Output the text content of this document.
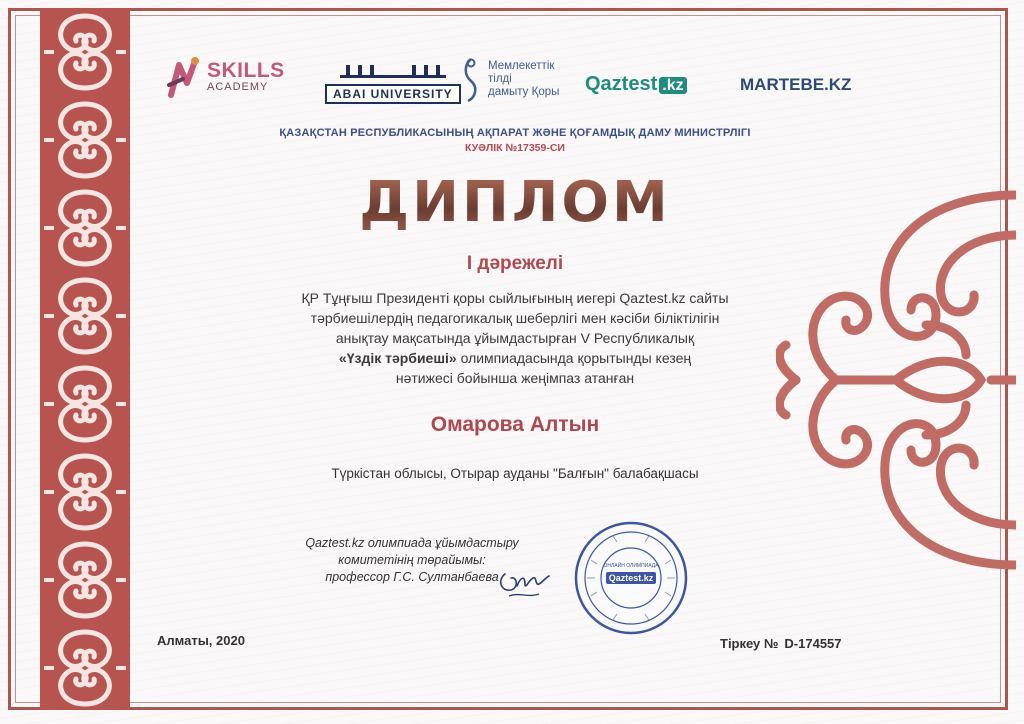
SKILLS
ACADEMY	ABAI UNIVERSITY
Мемлекеттік
тілді
дамыту Қоры Qaztest .kz	MARTEBE.KZ
ҚАЗАҚСТАН РЕСПУБЛИКАСЫНЫҢ АҚПАРАТ ЖӘНЕ ҚОҒАМДЫҚ ДАМУ МИНИСТРЛІГІ
КУӘЛІК №17359-СИ
ДИПЛОМ
І дәрежелі
ҚР Тұңғыш Президенті қоры сыйлығының иегері Qaztest.kz сайты
тәрбиешілердің педагогикалық шеберлігі мен кәсіби біліктілігін
анықтау мақсатында ұйымдастырған V Республикалық
«Үздік тәрбиеші» олимпиадасында қорытынды кезең
нәтижесі бойынша жеңімпаз атанған
Омарова Алтын
Түркістан облысы, Отырар ауданы "Балғын" балабақшасы
Qaztest.kz олимпиада ұйымдастыру
комитетінің төрайымы:
профессор Г.С. Султанбаева
ОНЛАЙН ОЛИМПИАДА
Qaztest.kz
Алматы, 2020	Тіркеу № D-174557
